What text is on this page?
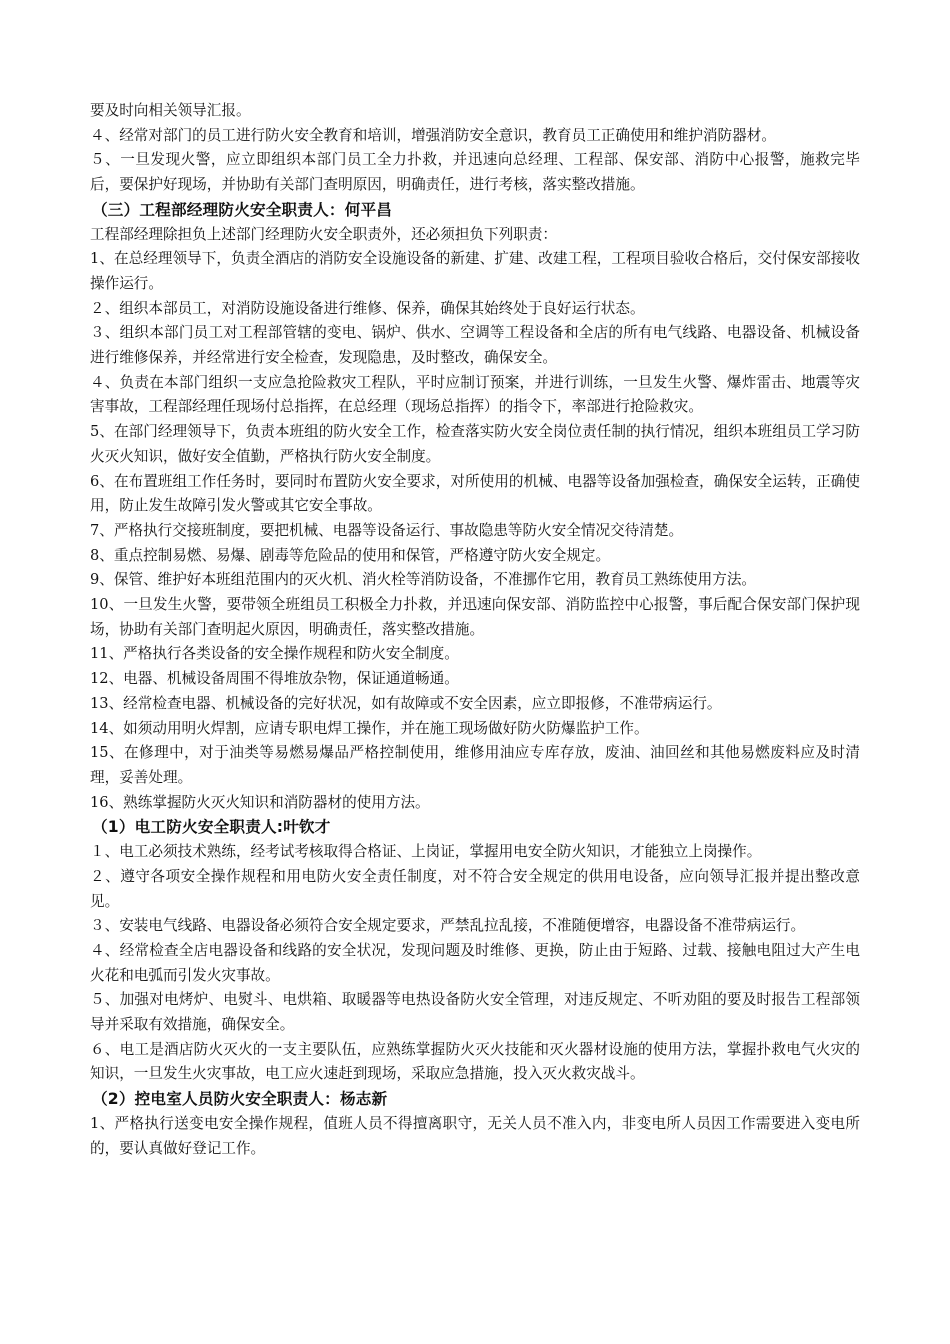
要及时向相关领导汇报。

４、经常对部门的员工进行防火安全教育和培训，增强消防安全意识，教育员工正确使用和维护消防器材。

５、一旦发现火警，应立即组织本部门员工全力扑救，并迅速向总经理、工程部、保安部、消防中心报警，施救完毕后，要保护好现场，并协助有关部门查明原因，明确责任，进行考核，落实整改措施。

（三）工程部经理防火安全职责人：何平昌

工程部经理除担负上述部门经理防火安全职责外，还必须担负下列职责：

1、在总经理领导下，负责全酒店的消防安全设施设备的新建、扩建、改建工程，工程项目验收合格后，交付保安部接收操作运行。

２、组织本部员工，对消防设施设备进行维修、保养，确保其始终处于良好运行状态。

３、组织本部门员工对工程部管辖的变电、锅炉、供水、空调等工程设备和全店的所有电气线路、电器设备、机械设备进行维修保养，并经常进行安全检查，发现隐患，及时整改，确保安全。

４、负责在本部门组织一支应急抢险救灾工程队，平时应制订预案，并进行训练，一旦发生火警、爆炸雷击、地震等灾害事故，工程部经理任现场付总指挥，在总经理（现场总指挥）的指令下，率部进行抢险救灾。

5、在部门经理领导下，负责本班组的防火安全工作，检查落实防火安全岗位责任制的执行情况，组织本班组员工学习防火灭火知识，做好安全值勤，严格执行防火安全制度。

6、在布置班组工作任务时，要同时布置防火安全要求，对所使用的机械、电器等设备加强检查，确保安全运转，正确使用，防止发生故障引发火警或其它安全事故。

7、严格执行交接班制度，要把机械、电器等设备运行、事故隐患等防火安全情况交待清楚。

8、重点控制易燃、易爆、剧毒等危险品的使用和保管，严格遵守防火安全规定。

9、保管、维护好本班组范围内的灭火机、消火栓等消防设备，不准挪作它用，教育员工熟练使用方法。

10、一旦发生火警，要带领全班组员工积极全力扑救，并迅速向保安部、消防监控中心报警，事后配合保安部门保护现场，协助有关部门查明起火原因，明确责任，落实整改措施。

11、严格执行各类设备的安全操作规程和防火安全制度。

12、电器、机械设备周围不得堆放杂物，保证通道畅通。

13、经常检查电器、机械设备的完好状况，如有故障或不安全因素，应立即报修，不准带病运行。

14、如须动用明火焊割，应请专职电焊工操作，并在施工现场做好防火防爆监护工作。

15、在修理中，对于油类等易燃易爆品严格控制使用，维修用油应专库存放，废油、油回丝和其他易燃废料应及时清理，妥善处理。

16、熟练掌握防火灭火知识和消防器材的使用方法。

（1）电工防火安全职责人:叶钦才

１、电工必须技术熟练，经考试考核取得合格证、上岗证，掌握用电安全防火知识，才能独立上岗操作。

２、遵守各项安全操作规程和用电防火安全责任制度，对不符合安全规定的供用电设备，应向领导汇报并提出整改意见。

３、安装电气线路、电器设备必须符合安全规定要求，严禁乱拉乱接，不准随便增容，电器设备不准带病运行。

４、经常检查全店电器设备和线路的安全状况，发现问题及时维修、更换，防止由于短路、过载、接触电阻过大产生电火花和电弧而引发火灾事故。

５、加强对电烤炉、电熨斗、电烘箱、取暖器等电热设备防火安全管理，对违反规定、不听劝阻的要及时报告工程部领导并采取有效措施，确保安全。

６、电工是酒店防火灭火的一支主要队伍，应熟练掌握防火灭火技能和灭火器材设施的使用方法，掌握扑救电气火灾的知识，一旦发生火灾事故，电工应火速赶到现场，采取应急措施，投入灭火救灾战斗。

（2）控电室人员防火安全职责人：杨志新

1、严格执行送变电安全操作规程，值班人员不得擅离职守，无关人员不准入内，非变电所人员因工作需要进入变电所的，要认真做好登记工作。
